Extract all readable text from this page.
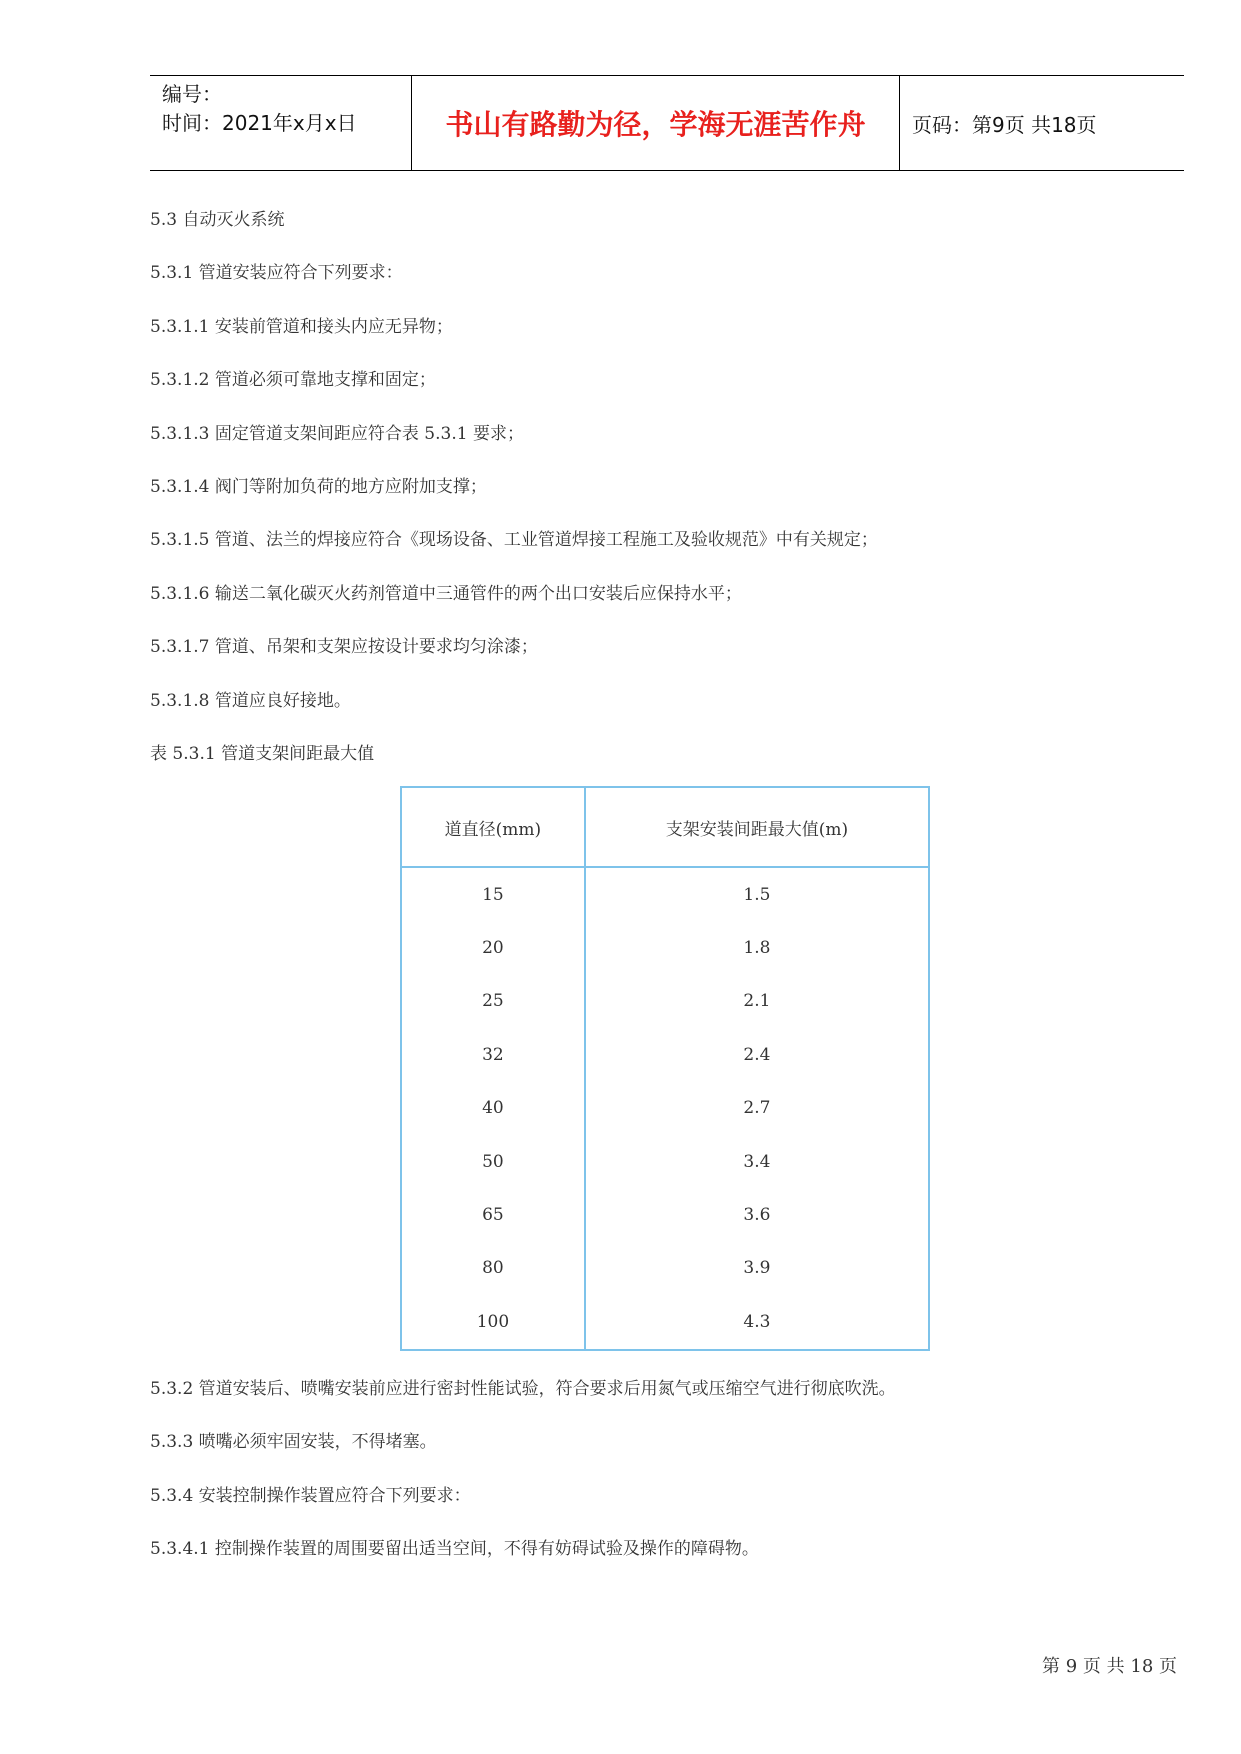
编号：
时间：2021年x月x日	书山有路勤为径，学海无涯苦作舟	页码：第9页 共18页
5.3 自动灭火系统
5.3.1 管道安装应符合下列要求：
5.3.1.1 安装前管道和接头内应无异物；
5.3.1.2 管道必须可靠地支撑和固定；
5.3.1.3 固定管道支架间距应符合表 5.3.1 要求；
5.3.1.4 阀门等附加负荷的地方应附加支撑；
5.3.1.5 管道、法兰的焊接应符合《现场设备、工业管道焊接工程施工及验收规范》中有关规定；
5.3.1.6 输送二氧化碳灭火药剂管道中三通管件的两个出口安装后应保持水平；
5.3.1.7 管道、吊架和支架应按设计要求均匀涂漆；
5.3.1.8 管道应良好接地。
表 5.3.1 管道支架间距最大值
道直径(mm)	支架安装间距最大值(m)
15	1.5
20	1.8
25	2.1
32	2.4
40	2.7
50	3.4
65	3.6
80	3.9
100	4.3
5.3.2 管道安装后、喷嘴安装前应进行密封性能试验，符合要求后用氮气或压缩空气进行彻底吹洗。
5.3.3 喷嘴必须牢固安装，不得堵塞。
5.3.4 安装控制操作装置应符合下列要求：
5.3.4.1 控制操作装置的周围要留出适当空间，不得有妨碍试验及操作的障碍物。
第 9 页 共 18 页
